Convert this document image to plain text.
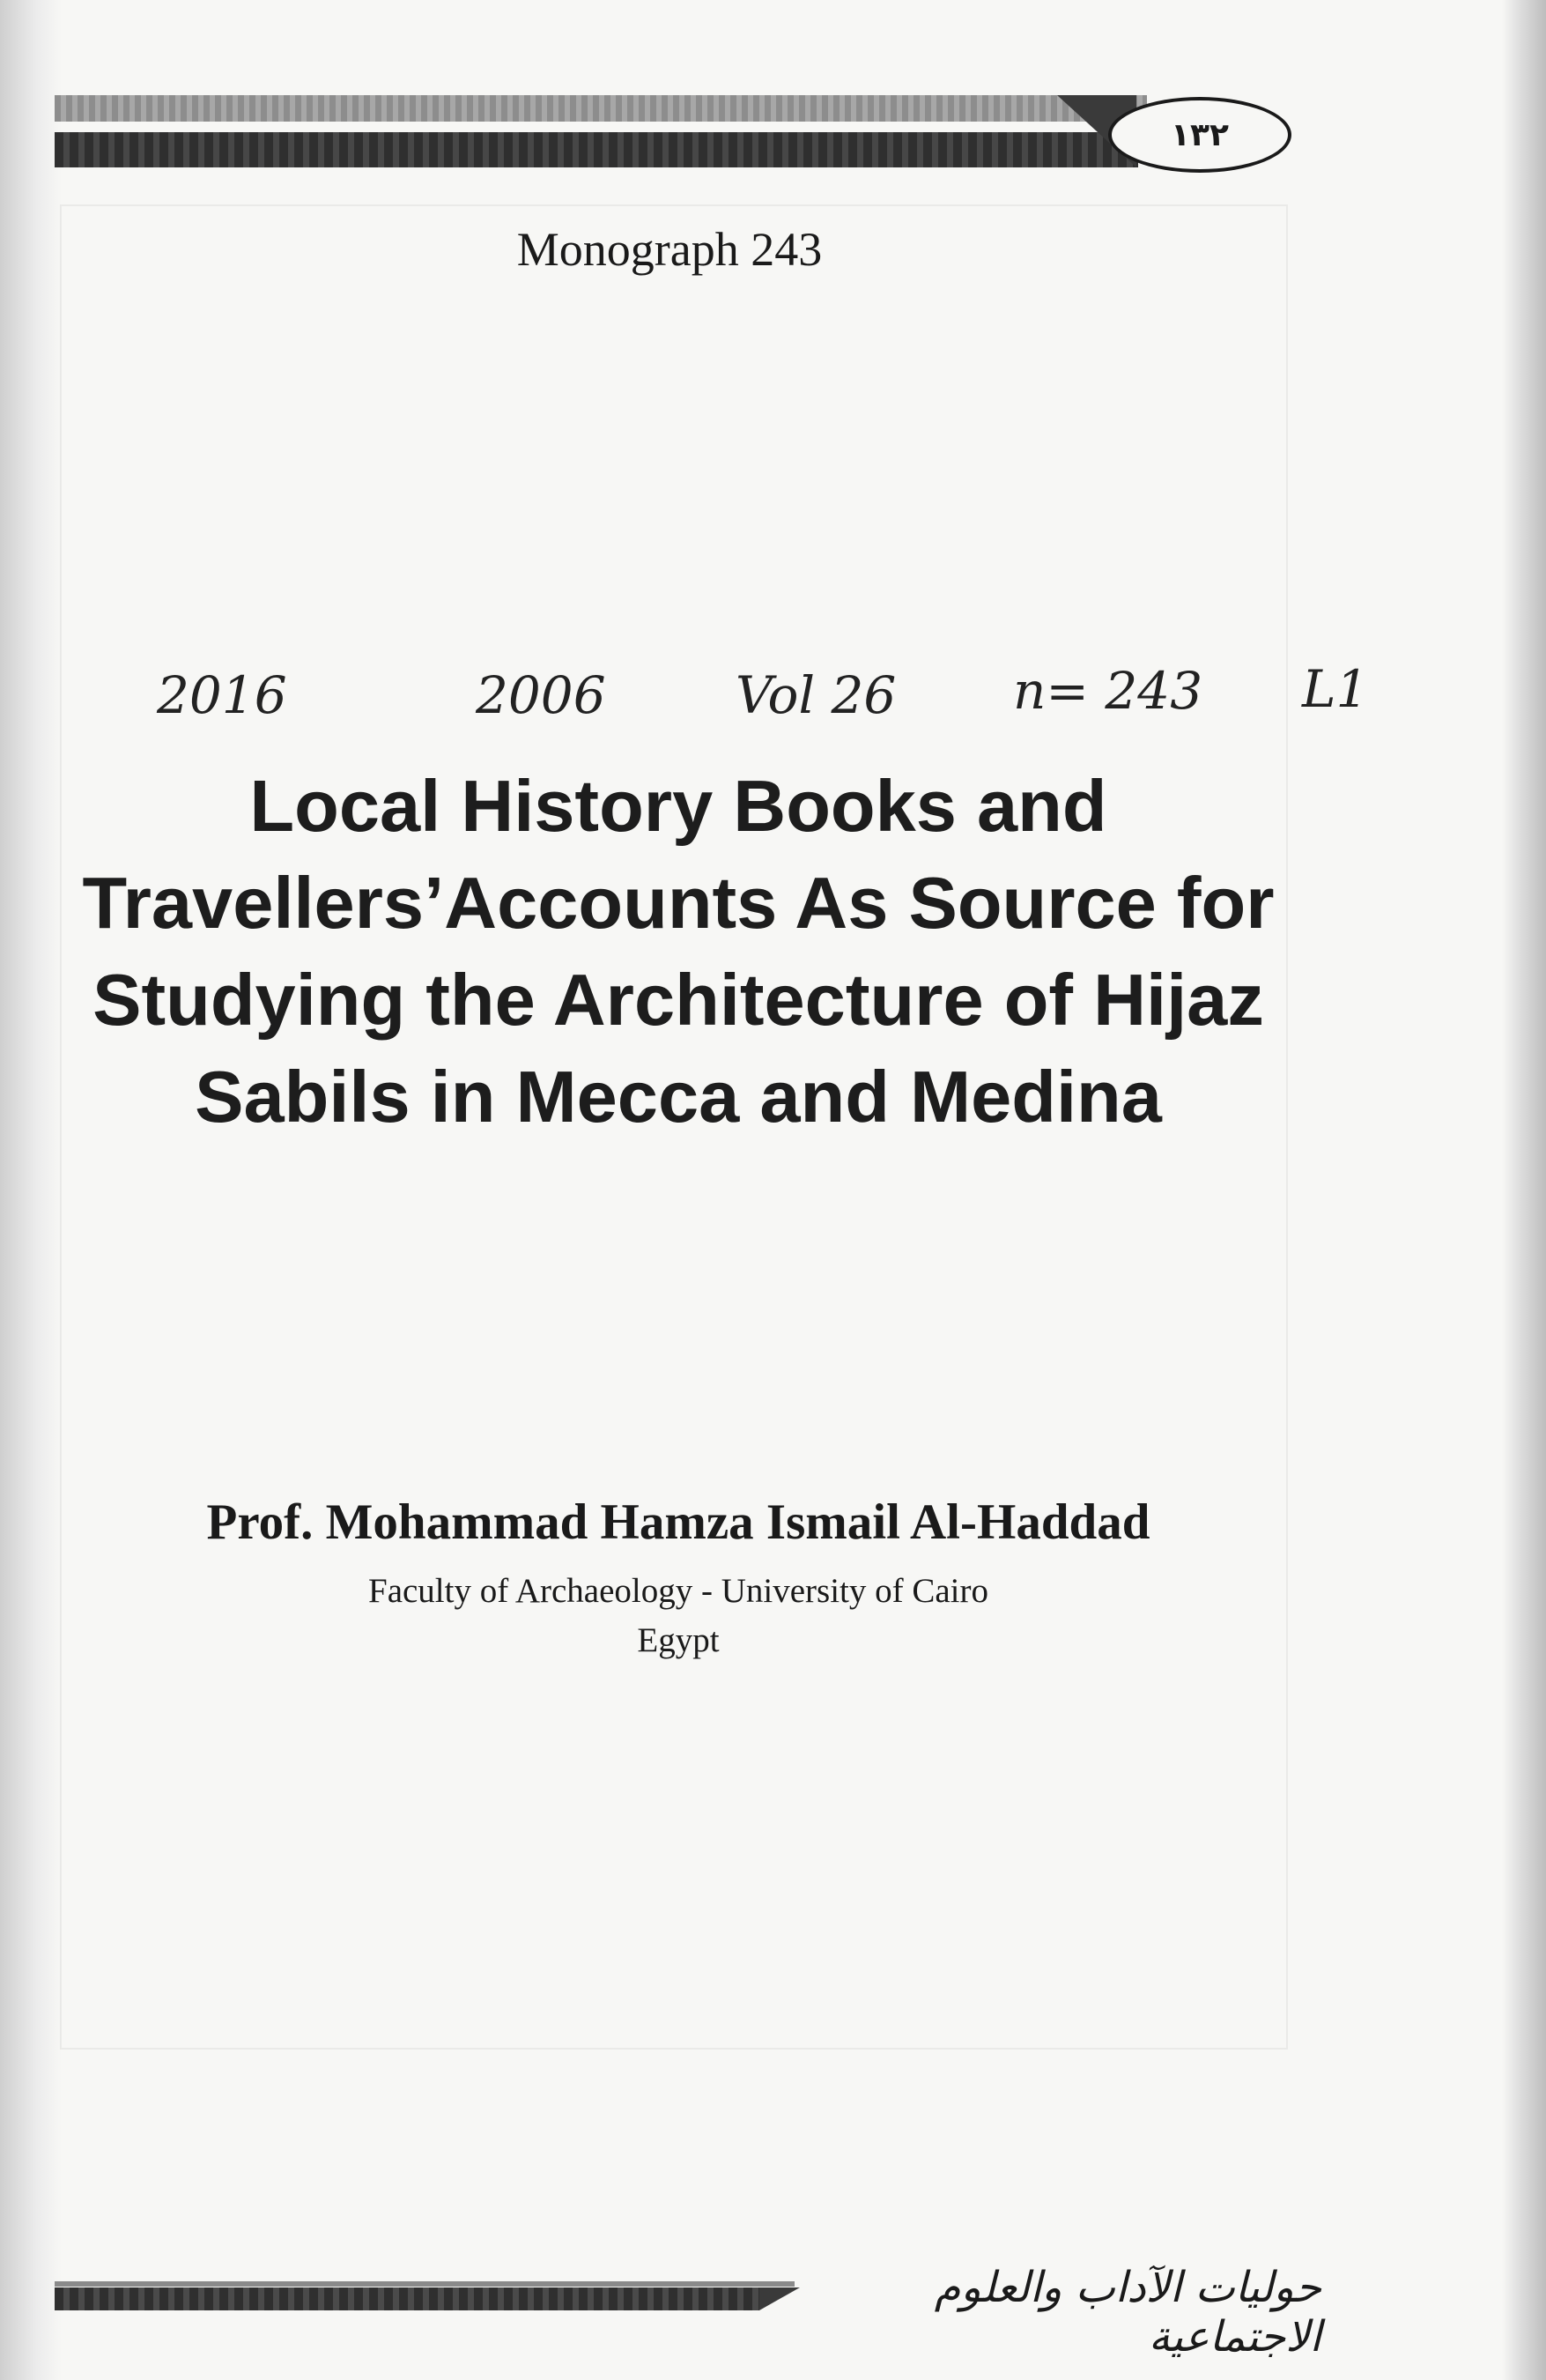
١٣٢
Monograph 243
2016	2006	Vol 26 n= 243 L1
Local History Books and
Travellers’Accounts As Source for
Studying the Architecture of Hijaz
Sabils in Mecca and Medina
Prof. Mohammad Hamza Ismail Al-Haddad
Faculty of Archaeology - University of Cairo
Egypt
حوليات الآداب والعلوم الاجتماعية
